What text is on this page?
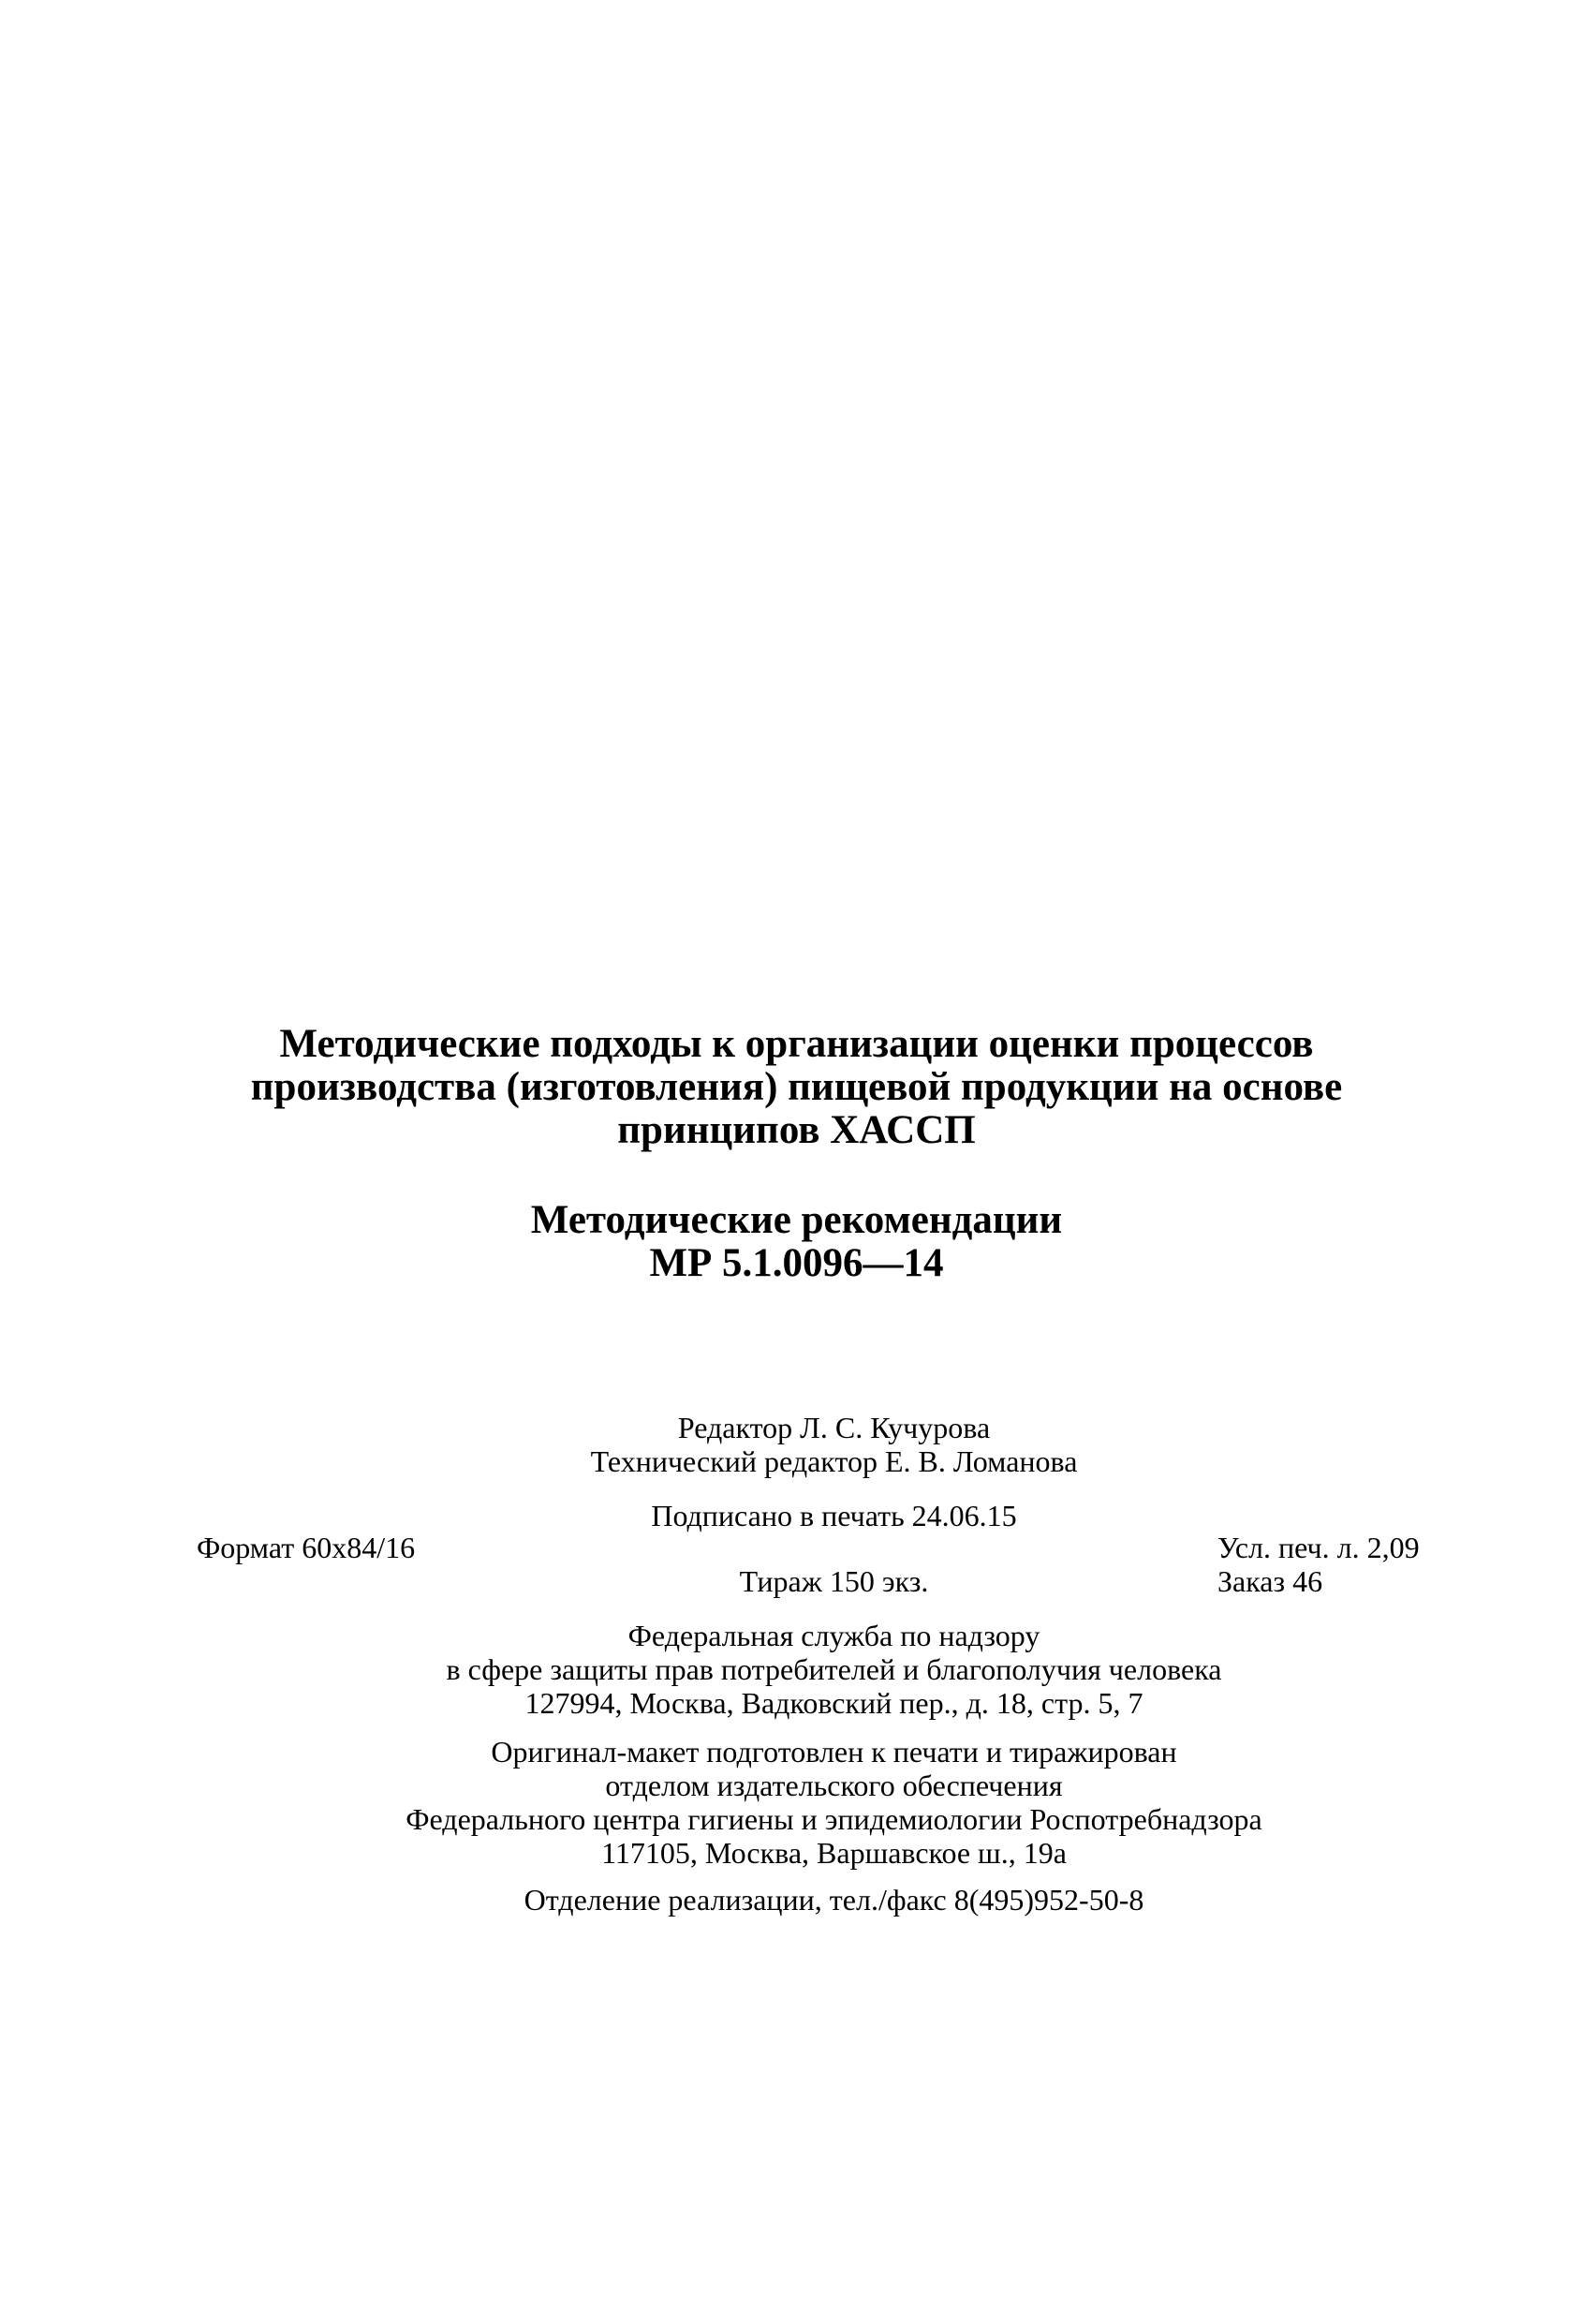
Методические подходы к организации оценки процессов
производства (изготовления) пищевой продукции на основе
принципов ХАССП
Методические рекомендации
МР 5.1.0096—14
Редактор Л. С. Кучурова
Технический редактор Е. В. Ломанова
Подписано в печать 24.06.15
Формат 60х84/16	Усл. печ. л. 2,09
Тираж 150 экз.	Заказ 46
Федеральная служба по надзору
в сфере защиты прав потребителей и благополучия человека
127994, Москва, Вадковский пер., д. 18, стр. 5, 7
Оригинал-макет подготовлен к печати и тиражирован
отделом издательского обеспечения
Федерального центра гигиены и эпидемиологии Роспотребнадзора
117105, Москва, Варшавское ш., 19а
Отделение реализации, тел./факс 8(495)952-50-8
